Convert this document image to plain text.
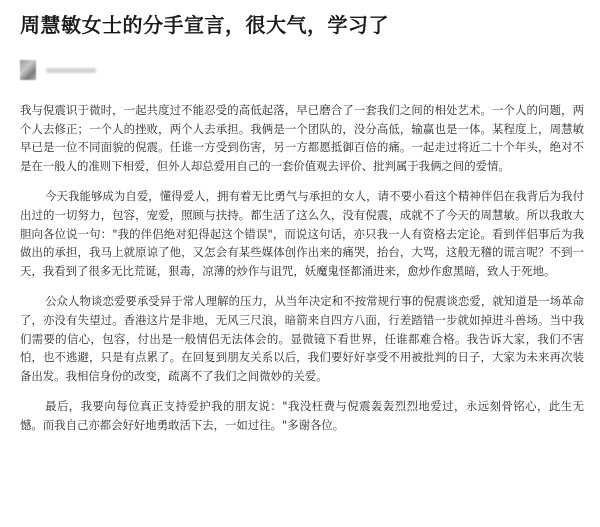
周慧敏女士的分手宣言，很大气，学习了

我与倪震识于微时，一起共度过不能忍受的高低起落，早已磨合了一套我们之间的相处艺术。一个人的问题，两个人去修正；一个人的挫败，两个人去承担。我俩是一个团队的，没分高低，输赢也是一体。某程度上，周慧敏早已是一位不同面貌的倪震。任谁一方受到伤害，另一方都愿抵御百倍的痛。一起走过将近二十个年头，绝对不是在一般人的准则下相爱，但外人却总爱用自己的一套价值观去评价、批判属于我俩之间的爱情。

今天我能够成为自爱，懂得爱人，拥有着无比勇气与承担的女人，请不要小看这个精神伴侣在我背后为我付出过的一切努力，包容，宠爱，照顾与扶持。都生活了这么久，没有倪震，成就不了今天的周慧敏。所以我敢大胆向各位说一句："我的伴侣绝对犯得起这个错误"，而说这句话，亦只我一人有资格去定论。看到伴侣事后为我做出的承担，我马上就原谅了他，又怎会有某些媒体创作出来的痛哭，抬台，大骂，这般无稽的谎言呢？不到一天，我看到了很多无比荒诞，狠毒，凉薄的炒作与诅咒，妖魔鬼怪都涌进来，愈炒作愈黑暗，致人于死地。

公众人物谈恋爱要承受异于常人理解的压力，从当年决定和不按常规行事的倪震谈恋爱，就知道是一场革命了，亦没有失望过。香港这片是非地，无风三尺浪，暗箭来自四方八面，行差踏错一步就如掉进斗兽场。当中我们需要的信心，包容，付出是一般情侣无法体会的。显微镜下看世界，任谁都难合格。我告诉大家，我们不害怕，也不逃避，只是有点累了。在回复到朋友关系以后，我们要好好享受不用被批判的日子，大家为未来再次装备出发。我相信身份的改变，疏离不了我们之间微妙的关爱。

最后，我要向每位真正支持爱护我的朋友说："我没枉费与倪震轰轰烈烈地爱过，永远刻骨铭心，此生无憾。而我自己亦都会好好地勇敢活下去，一如过往。"多谢各位。
